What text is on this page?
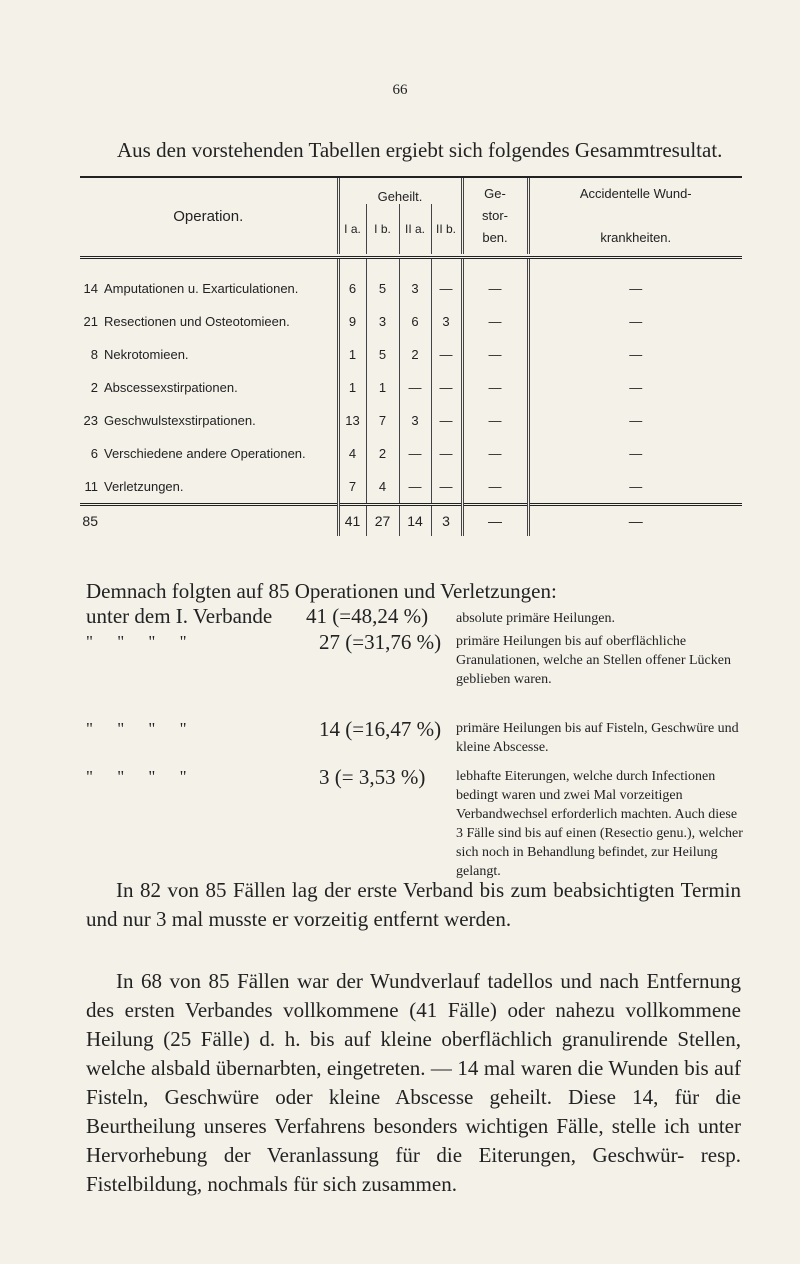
66
Aus den vorstehenden Tabellen ergiebt sich folgendes Gesammtresultat.

Operation.	Geheilt.				Ge-
stor-
ben.	Accidentelle Wund-

krankheiten.
	I a.	I b.	II a.	II b.		

14 Amputationen u. Exarticulationen.	6	5	3	—	—	—
21 Resectionen und Osteotomieen.	9	3	6	3	—	—
8 Nekrotomieen.	1	5	2	—	—	—
2 Abscessexstirpationen.	1	1	—	—	—	—
23 Geschwulstexstirpationen.	13	7	3	—	—	—
6 Verschiedene andere Operationen.	4	2	—	—	—	—
11 Verletzungen.	7	4	—	—	—	—
85	41	27	14	3	—	—
Demnach folgten auf 85 Operationen und Verletzungen:
unter dem I. Verbande 41 (=48,24 %) absolute primäre Heilungen.
" " " "	27 (=31,76 %) primäre Heilungen bis auf oberflächliche Granulationen, welche an Stellen offener Lücken geblieben waren.
" " " "	14 (=16,47 %) primäre Heilungen bis auf Fisteln, Geschwüre und kleine Abscesse.
" " " "	3 (= 3,53 %) lebhafte Eiterungen, welche durch Infectionen bedingt waren und zwei Mal vorzeitigen Verbandwechsel erforderlich machten. Auch diese 3 Fälle sind bis auf einen (Resectio genu.), welcher sich noch in Behandlung befindet, zur Heilung gelangt.
In 82 von 85 Fällen lag der erste Verband bis zum beabsichtigten Termin und nur 3 mal musste er vorzeitig entfernt werden.
In 68 von 85 Fällen war der Wundverlauf tadellos und nach Entfernung des ersten Verbandes vollkommene (41 Fälle) oder nahezu vollkommene Heilung (25 Fälle) d. h. bis auf kleine oberflächlich granulirende Stellen, welche alsbald übernarbten, eingetreten. — 14 mal waren die Wunden bis auf Fisteln, Geschwüre oder kleine Abscesse geheilt. Diese 14, für die Beurtheilung unseres Verfahrens besonders wichtigen Fälle, stelle ich unter Hervorhebung der Veranlassung für die Eiterungen, Geschwür- resp. Fistelbildung, nochmals für sich zusammen.
